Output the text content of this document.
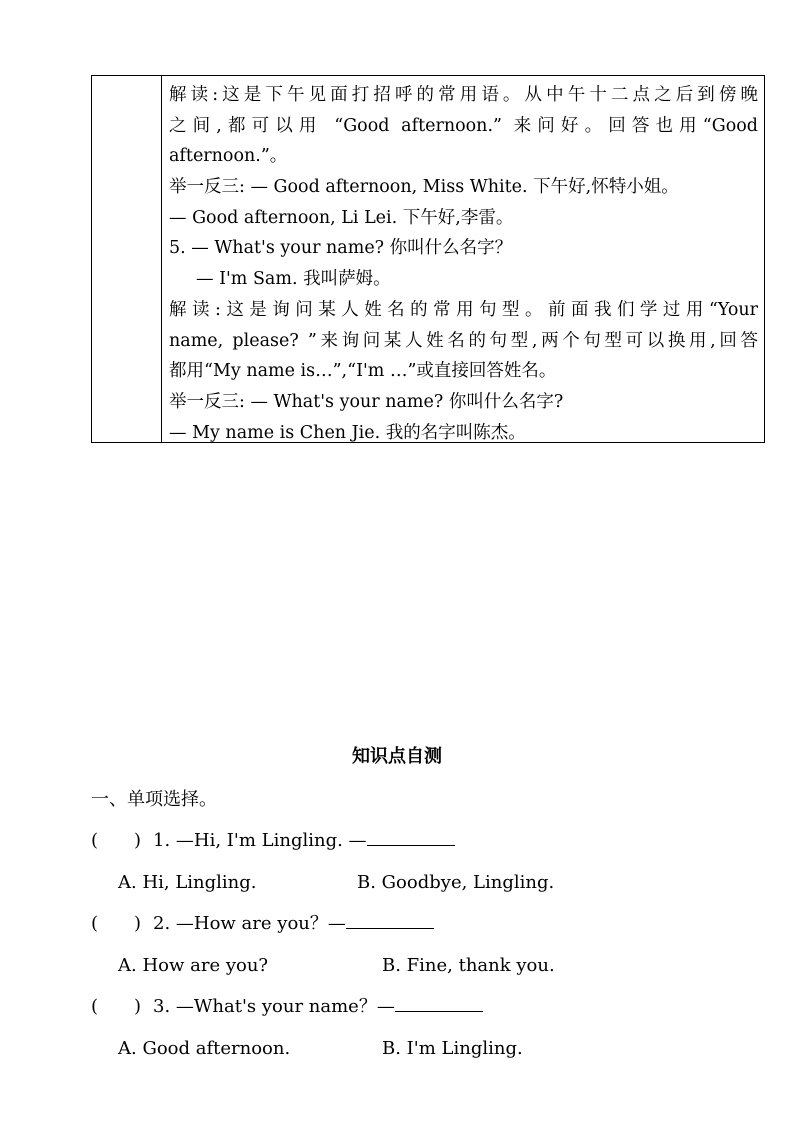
解读:这是下午见面打招呼的常用语。从中午十二点之后到傍晚
之间,都可以用 “Good afternoon.” 来问好。回答也用“Good
afternoon.”。
举一反三: — Good afternoon, Miss White. 下午好,怀特小姐。
— Good afternoon, Li Lei. 下午好,李雷。
5. — What's your name? 你叫什么名字？
— I'm Sam. 我叫萨姆。
解读:这是询问某人姓名的常用句型。前面我们学过用“Your
name, please? ”来询问某人姓名的句型,两个句型可以换用,回答
都用“My name is…”,“I'm …”或直接回答姓名。
举一反三: — What's your name? 你叫什么名字?
— My name is Chen Jie. 我的名字叫陈杰。
知识点自测
一、单项选择。
(　　) 1. —Hi, I'm Lingling. —
A. Hi, Lingling.	B. Goodbye, Lingling.
(　　) 2. —How are you？—
A. How are you?	B. Fine, thank you.
(　　) 3. —What's your name？—
A. Good afternoon.	B. I'm Lingling.
